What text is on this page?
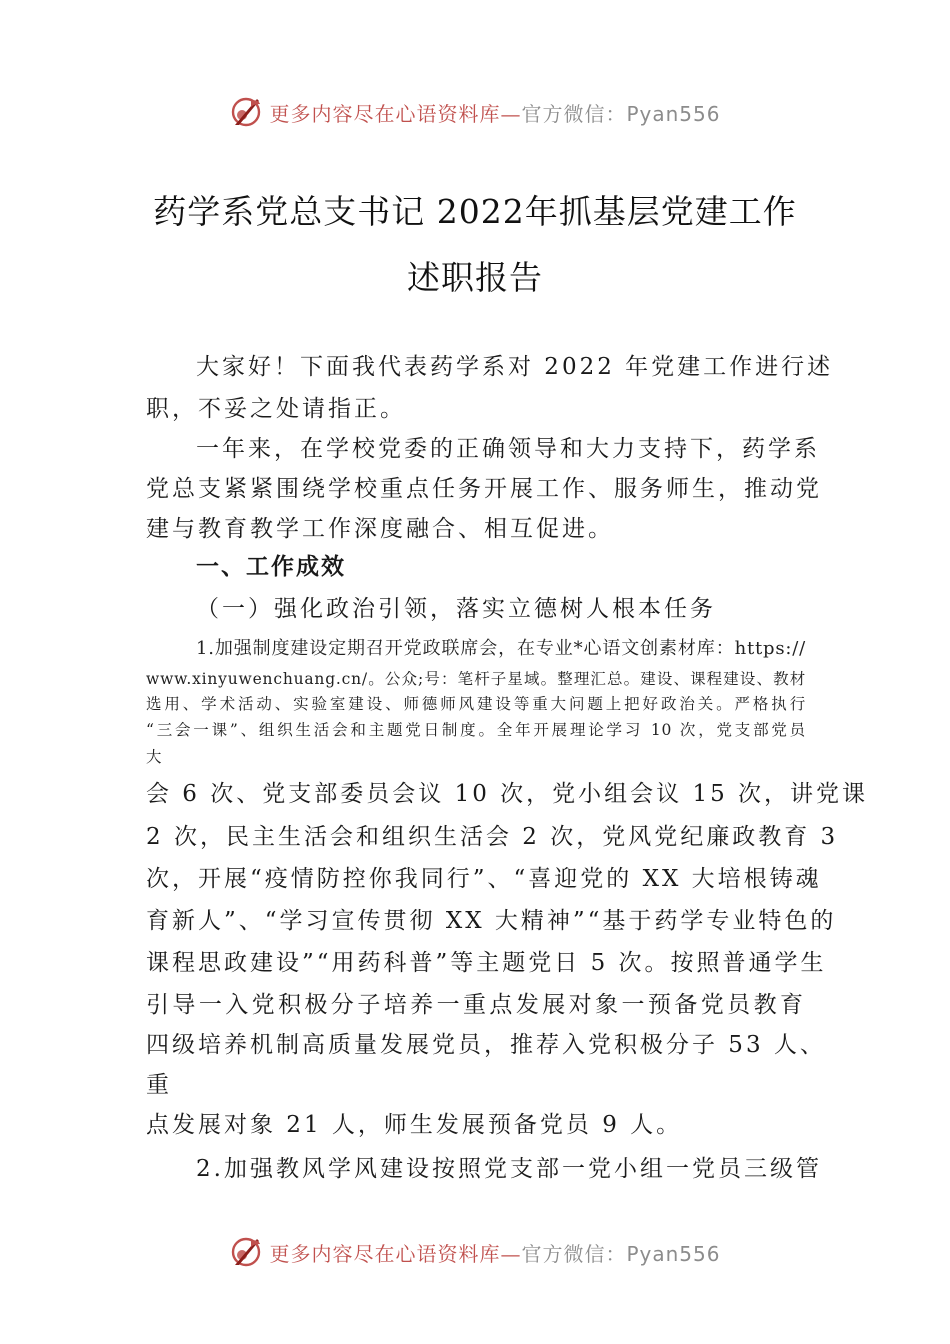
更多内容尽在心语资料库—官方微信：Pyan556
药学系党总支书记 2022年抓基层党建工作
述职报告
大家好！下面我代表药学系对 2022 年党建工作进行述
职，不妥之处请指正。
一年来，在学校党委的正确领导和大力支持下，药学系
党总支紧紧围绕学校重点任务开展工作、服务师生，推动党
建与教育教学工作深度融合、相互促进。
一、工作成效
（一）强化政治引领，落实立德树人根本任务
1.加强制度建设定期召开党政联席会，在专业*心语文创素材库：https://
www.xinyuwenchuang.cn/。公众;号：笔杆子星域。整理汇总。建设、课程建设、教材
选用、学术活动、实验室建设、师德师风建设等重大问题上把好政治关。严格执行
“三会一课”、组织生活会和主题党日制度。全年开展理论学习 10 次，党支部党员
大
会 6 次、党支部委员会议 10 次，党小组会议 15 次，讲党课
2 次，民主生活会和组织生活会 2 次，党风党纪廉政教育 3
次，开展“疫情防控你我同行”、“喜迎党的 XX 大培根铸魂
育新人”、“学习宣传贯彻 XX 大精神”“基于药学专业特色的
课程思政建设”“用药科普”等主题党日 5 次。按照普通学生
引导一入党积极分子培养一重点发展对象一预备党员教育
四级培养机制高质量发展党员，推荐入党积极分子 53 人、
重
点发展对象 21 人，师生发展预备党员 9 人。
2.加强教风学风建设按照党支部一党小组一党员三级管
更多内容尽在心语资料库—官方微信：Pyan556
